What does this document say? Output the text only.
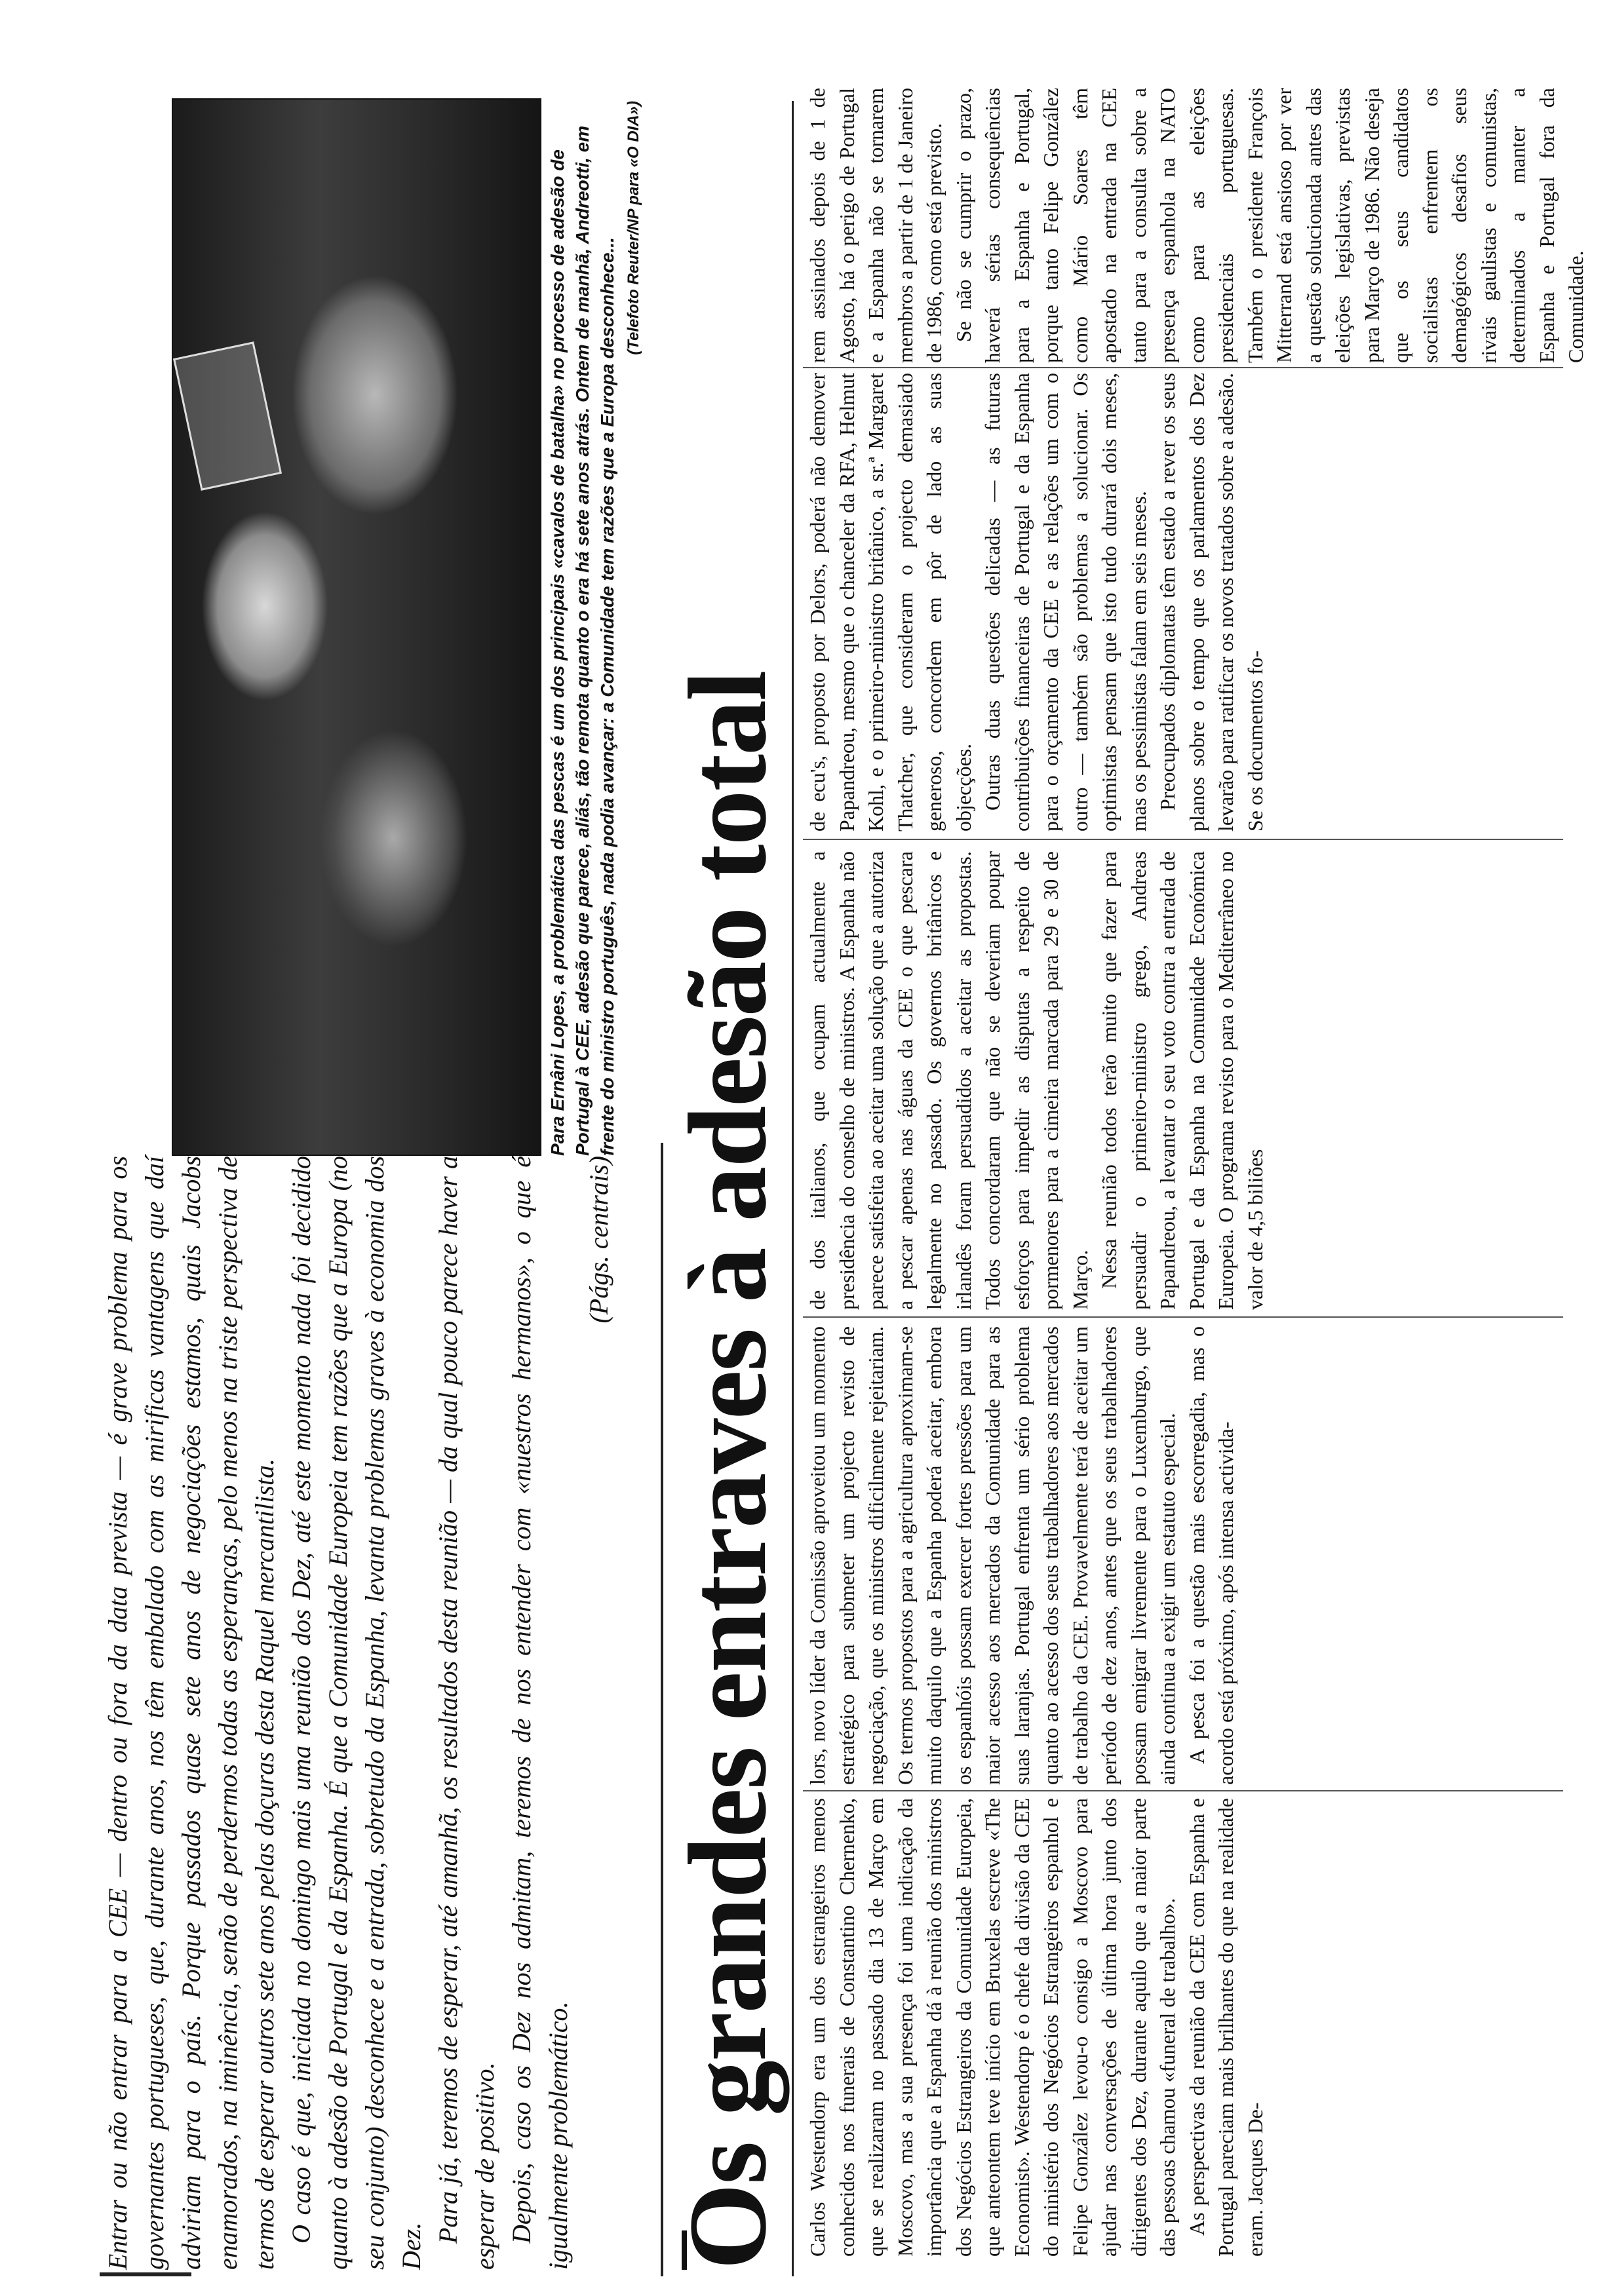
Entrar ou não entrar para a CEE — dentro ou fora da data prevista — é grave problema para os governantes portugueses, que, durante anos, nos têm embalado com as mirificas vantagens que daí adviriam para o país. Porque passados quase sete anos de negociações estamos, quais Jacobs enamorados, na iminência, senão de perdermos todas as esperanças, pelo menos na triste perspectiva de termos de esperar outros sete anos pelas doçuras desta Raquel mercantilista. O caso é que, iniciada no domingo mais uma reunião dos Dez, até este momento nada foi decidido quanto à adesão de Portugal e da Espanha. É que a Comunidade Europeia tem razões que a Europa (no seu conjunto) desconhece e a entrada, sobretudo da Espanha, levanta problemas graves à economia dos Dez.

Para já, teremos de esperar, até amanhã, os resultados desta reunião — da qual pouco parece haver a esperar de positivo. Depois, caso os Dez nos admitam, teremos de nos entender com «nuestros hermanos», o que é igualmente problemático.

(Págs. centrais)
Para Ernâni Lopes, a problemática das pescas é um dos principais «cavalos de batalha» no processo de adesão de Portugal à CEE, adesão que parece, aliás, tão remota quanto o era há sete anos atrás. Ontem de manhã, Andreotti, em frente do ministro português, nada podia avançar: a Comunidade tem razões que a Europa desconhece...
(Telefoto Reuter/NP para «O DIA»)
Os grandes entraves à adesão total Carlos Westendorp era um dos estrangeiros menos conhecidos nos funerais de Constantino Chernenko, que se realizaram no passado dia 13 de Março em Moscovo, mas a sua presença foi uma indicação da importância que a Espanha dá à reunião dos ministros dos Negócios Estrangeiros da Comunidade Europeia, que anteontem teve início em Bruxelas escreve «The Economist». Westendorp é o chefe da divisão da CEE do ministério dos Negócios Estrangeiros espanhol e Felipe González levou-o consigo a Moscovo para ajudar nas conversações de última hora junto dos dirigentes dos Dez, durante aquilo que a maior parte das pessoas chamou «funeral de trabalho». As perspectivas da reunião da CEE com Espanha e Portugal pareciam mais brilhantes do que na realidade eram. Jacques De-

lors, novo líder da Comissão aproveitou um momento estratégico para submeter um projecto revisto de negociação, que os ministros dificilmente rejeitariam. Os termos propostos para a agricultura aproximam-se muito daquilo que a Espanha poderá aceitar, embora os espanhóis possam exercer fortes pressões para um maior acesso aos mercados da Comunidade para as suas laranjas. Portugal enfrenta um sério problema quanto ao acesso dos seus trabalhadores aos mercados de trabalho da CEE. Provavelmente terá de aceitar um período de dez anos, antes que os seus trabalhadores possam emigrar livremente para o Luxemburgo, que ainda continua a exigir um estatuto especial. A pesca foi a questão mais escorregadia, mas o acordo está próximo, após intensa activida-

de dos italianos, que ocupam actualmente a presidência do conselho de ministros. A Espanha não parece satisfeita ao aceitar uma solução que a autoriza a pescar apenas nas águas da CEE o que pescara legalmente no passado. Os governos britânicos e irlandês foram persuadidos a aceitar as propostas. Todos concordaram que não se deveriam poupar esforços para impedir as disputas a respeito de pormenores para a cimeira marcada para 29 e 30 de Março. Nessa reunião todos terão muito que fazer para persuadir o primeiro-ministro grego, Andreas Papandreou, a levantar o seu voto contra a entrada de Portugal e da Espanha na Comunidade Económica Europeia. O programa revisto para o Mediterrâneo no valor de 4,5 biliões

de ecu's, proposto por Delors, poderá não demover Papandreou, mesmo que o chanceler da RFA, Helmut Kohl, e o primeiro-ministro britânico, a sr.ª Margaret Thatcher, que consideram o projecto demasiado generoso, concordem em pôr de lado as suas objecções. Outras duas questões delicadas — as futuras contribuições financeiras de Portugal e da Espanha para o orçamento da CEE e as relações um com o outro — também são problemas a solucionar. Os optimistas pensam que isto tudo durará dois meses, mas os pessimistas falam em seis meses. Preocupados diplomatas têm estado a rever os seus planos sobre o tempo que os parlamentos dos Dez levarão para ratificar os novos tratados sobre a adesão. Se os documentos fo-

rem assinados depois de 1 de Agosto, há o perigo de Portugal e a Espanha não se tornarem membros a partir de 1 de Janeiro de 1986, como está previsto. Se não se cumprir o prazo, haverá sérias consequências para a Espanha e Portugal, porque tanto Felipe González como Mário Soares têm apostado na entrada na CEE tanto para a consulta sobre a presença espanhola na NATO como para as eleições presidenciais portuguesas. Também o presidente François Mitterrand está ansioso por ver a questão solucionada antes das eleições legislativas, previstas para Março de 1986. Não deseja que os seus candidatos socialistas enfrentem os demagógicos desafios seus rivais gaulistas e comunistas, determinados a manter a Espanha e Portugal fora da Comunidade.
